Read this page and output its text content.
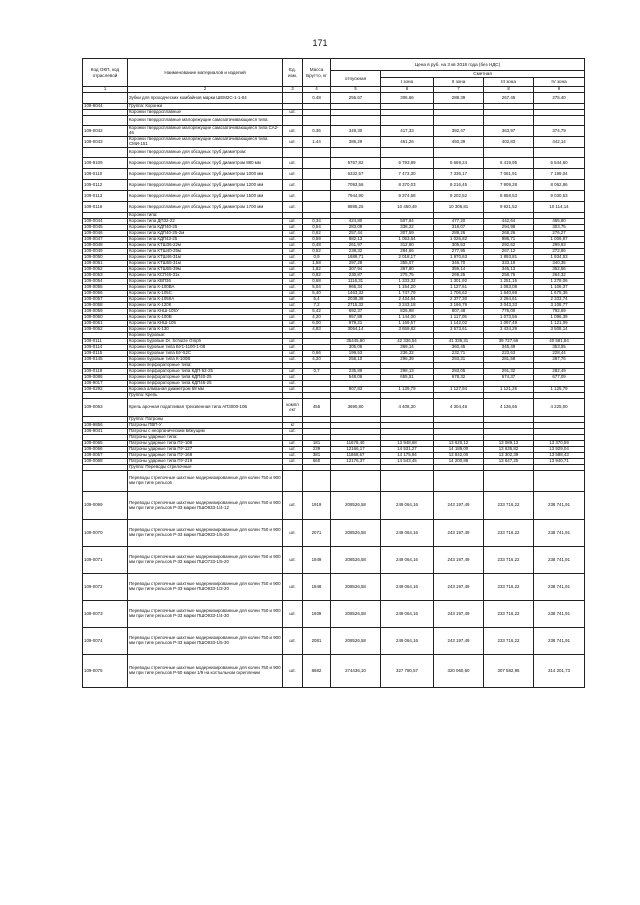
171
Код ОКП, код отраслевой	Наименование материалов и изделий	Ед. изм.	Масса Брутто, кг	Цена в руб. на 3 кв 2018 года (без НДС)				
				отпускная	Сметная			
					I зона	II зона	III зона	IV зона
1	2	3	4	5	6	7	8	9
	Зубки для проходческих комбайнов марки ШЕМ2С-1-1-04		0.48	256.67	306.66	288.39	267.45	275.40
109-9044	Группа: Коронки							
	Коронки твердосплавные	шт.						
	Коронки твердосплавные малорежущие самозатачивающиеся типа							
109-0042	Коронки твердосплавные малорежущие самозатачивающиеся типа СА2-46	шт.	0.36	349,30	417,33	392,47	363,97	374,79
109-0043	Коронки твердосплавные малорежущие самозатачивающиеся типа СМИ-151	шт.	1.44	386,29	461,26	450,39	402,83	442,14
	Коронки твердосплавные для обсадных труб диаметром:							
109-9109	Коронки твердосплавные для обсадных труб диаметром 880 мм	шт.		5757,82	6 793,89	6 669,24	6 419,95	6 544,60
109-0110	Коронки твердосплавные для обсадных труб диаметром 1000 мм	шт.		6332,57	7 473,30	7 336,17	7 061,91	7 199,04
109-0112	Коронки твердосплавные для обсадных труб диаметром 1200 мм	шт.		7093,56	8 370,03	8 216,45	7 909,28	8 062,86
109-0113	Коронки твердосплавные для обсадных труб диаметром 1500 мм	шт.		7944,90	9 374,58	9 202,52	8 858,53	9 030,53
109-0116	Коронки твердосплавные для обсадных труб диаметром 1700 мм	шт.		8895,25	10 450,49	10 306,81	9 921,52	10 114,14
	Коронки типа:							
109-0044	Коронки типа ДП32-22	шт.	0,34	424,80	507,84	477,20	442,64	455,80
109-0045	Коронки типа КДП40-25	шт.	0,54	283,09	338,22	318,07	294,98	303,75
109-0046	Коронки типа КДП40-25-2м	шт.	0,62	257,44	307,59	289,26	268,26	276,27
109-0047	Коронки типа КДП43-25	шт.	0,59	882,13	1 053,64	1 026,82	986,71	1 006,97
109-0048	Коронки типа КТШ36-22м	шт.	0,48	261,97	312,90	305,53	292,62	299,93
109-0049	Коронки типа КТШ40-25м	шт.	0,52	238,32	284,66	277,95	267,12	272,86
109-0050	Коронки типа КТШ46-31м	шт.	0,9	1689,71	2 018,17	1 970,63	1 893,81	1 934,53
109-0051	Коронки типа КТШ65-31м	шт.	1,58	297,28	355,07	346,70	333,19	340,35
109-0052	Коронки типа КТШ65-39м	шт.	1,82	307,94	367,80	359,14	345,13	352,56
109-0053	Коронки типа КСП46-31к	шт.	0,82	230,87	275,75	269,25	258,76	264,32
109-0054	Коронки типа КВП36	шт.	0,68	1116,31	1 333,32	1 301,92	1 251,16	1 278,06
109-0055	Коронки типа К-100ВА	шт.	5,04	965,34	1 154,20	1 127,61	1 083,08	1 106,37
109-0056	Коронки типа К-105С	шт.	5,40	1463,32	1 747,79	1 706,62	1 640,69	1 675,35
109-0057	Коронки типа К-105КА	шт.	5,4	2038,38	2 434,64	2 377,30	2 284,61	2 333,74
109-0058	Коронки типа К-120К	шт.	7,2	2715,32	3 243,18	3 166,79	3 043,33	3 108,77
109-0059	Коронки типа КНШ-105У	шт.	5,42	692,37	826,98	807,48	776,00	792,69
109-0060	Коронки типа К-100В	шт.	4,20	957,89	1 144,00	1 117,05	1 073,56	1 096,38
109-0061	Коронки типа КНШ-105	шт.	6,00	979,21	1 169,57	1 142,02	1 097,49	1 121,09
109-0062	Коронки типа К-130	шт.	4,83	3064,14	3 659,82	3 573,61	3 434,29	3 508,14
	Коронки буровые:							
109-0111	Коронки буровые Dr. Schulze Gmph	шт.		35445,80	42 336,54	41 339,31	39 727,66	40 581,84
109-0114	Коронки буровые типа БУ1-1100-1-08	шт.		305,06	369,14	360,45	345,49	353,55
109-0115	Коронки буровые типа БУ-52С	шт.	0,66	199,53	236,32	232,71	223,63	228,44
109-0145	Коронки буровые типа К-100В	шт.	4,20	258,10	296,39	293,31	281,58	287,76
	Коронки перфораторные типа:							
109-0118	Коронки перфораторные типа КДП-52-25	шт.	0,7	235,89	298,13	283,05	291,32	282,49
109-0086	Коронки перфораторные типа КДП40-25	шт.		548,06	655,51	678,32	674,37	677,09
109-9017	Коронки перфораторные типа КДП46-25	шт.						
109-0292	Коронка алмазная диаметром 68 мм	шт.		907,83	1 139,79	1 127,94	1 121,26	1 125,79
	Группа: Крепь							
109-0063	Крепь арочная податливая трехзвенная типа АП3000-10Б	компл ект	455	3690,80	4 408,30	4 304,46	4 136,65	4 225,00
	Группа: Патроны							
109-9856	Патроны ПВП-У	кг						
109-9041	Патроны с неорганическим вяжущим	шт.						
	Патроны ударные типа:							
109-0065	Патроны ударные типа ПУ-108	шт.	181	11678,40	13 948,68	13 620,12	13 089,13	13 370,59
109-0066	Патроны ударные типа ПУ-127	шт.	239	12166,17	14 531,27	14 189,00	13 635,82	13 929,04
109-0067	Патроны ударные типа ПУ-168	шт.	381	11868,67	14 175,94	13 842,00	13 302,39	13 588,43
109-0068	Патроны ударные типа ПУ-219	шт.	660	12176,37	14 543,45	14 200,88	13 647,25	13 940,71
	Группа: Переводы стрелочные							
	Переводы стрелочные шахтные модернизированные для колеи 750 и 900 мм при типе рельсов							
109-0069	Переводы стрелочные шахтные модернизированные для колеи 750 и 900 мм при типе рельсов Р-33 марки ПШО933-1/4-12	шт.	1919	208526,58	249 064,16	243 197,49	233 716,22	238 741,91
109-0070	Переводы стрелочные шахтные модернизированные для колеи 750 и 900 мм при типе рельсов Р-33 марки ПШО933-1/5-20	шт.	2071	208526,58	249 064,16	243 197,49	233 716,22	238 741,91
109-0071	Переводы стрелочные шахтные модернизированные для колеи 750 и 900 мм при типе рельсов Р-33 марки ПШО733-1/5-20	шт.	1949	208526,58	249 064,16	243 197,49	233 716,22	238 741,91
109-0072	Переводы стрелочные шахтные модернизированные для колеи 750 и 900 мм при типе рельсов Р-33 марки ПШО933-1/3-20	шт.	1848	208526,58	249 064,16	243 197,49	233 716,22	238 741,91
109-0073	Переводы стрелочные шахтные модернизированные для колеи 750 и 900 мм при типе рельсов Р-33 марки ПШО933-1/4-30	шт.	1939	208526,58	249 064,16	243 197,49	233 716,22	238 741,91
109-0074	Переводы стрелочные шахтные модернизированные для колеи 750 и 900 мм при типе рельсов Р-33 марки ПШО933-1/5-30	шт.	2081	208526,58	249 064,16	243 197,49	233 716,22	238 741,91
109-0075	Переводы стрелочные шахтные модернизированные для колеи 750 и 900 мм при типе рельсов Р-50 марки 1/9 на костыльном скреплении	шт.	8682	274436,10	327 780,57	320 060,60	307 582,95	314 201,73
